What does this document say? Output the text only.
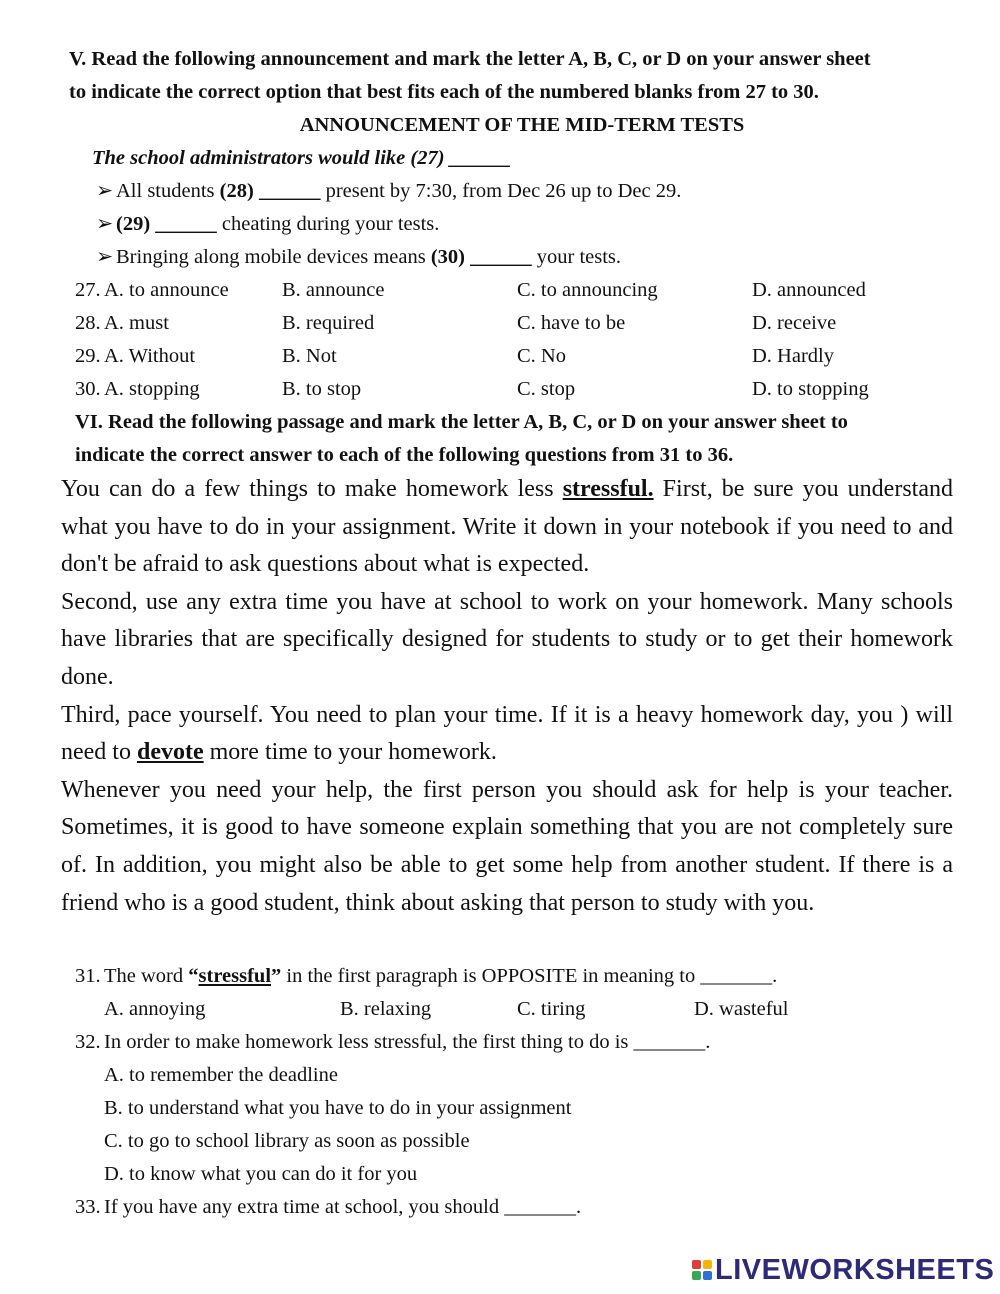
V. Read the following announcement and mark the letter A, B, C, or D on your answer sheet
to indicate the correct option that best fits each of the numbered blanks from 27 to 30.
ANNOUNCEMENT OF THE MID-TERM TESTS
The school administrators would like (27) ______
➢ All students (28) ______ present by 7:30, from Dec 26 up to Dec 29.
➢ (29) ______ cheating during your tests.
➢ Bringing along mobile devices means (30) ______ your tests.
27. A. to announce	B. announce	C. to announcing	D. announced
28. A. must	B. required	C. have to be	D. receive
29. A. Without	B. Not	C. No	D. Hardly
30. A. stopping	B. to stop	C. stop	D. to stopping
VI. Read the following passage and mark the letter A, B, C, or D on your answer sheet to
indicate the correct answer to each of the following questions from 31 to 36.

You can do a few things to make homework less stressful. First, be sure you understand what you have to do in your assignment. Write it down in your notebook if you need to and don't be afraid to ask questions about what is expected.

Second, use any extra time you have at school to work on your homework. Many schools have libraries that are specifically designed for students to study or to get their homework done.

Third, pace yourself. You need to plan your time. If it is a heavy homework day, you ) will need to devote more time to your homework.

Whenever you need your help, the first person you should ask for help is your teacher. Sometimes, it is good to have someone explain something that you are not completely sure of. In addition, you might also be able to get some help from another student. If there is a friend who is a good student, think about asking that person to study with you.

31. The word “stressful” in the first paragraph is OPPOSITE in meaning to _______.
A. annoying	B. relaxing	C. tiring	D. wasteful
32. In order to make homework less stressful, the first thing to do is _______.
A. to remember the deadline
B. to understand what you have to do in your assignment
C. to go to school library as soon as possible
D. to know what you can do it for you
33. If you have any extra time at school, you should _______.
LIVEWORKSHEETS
